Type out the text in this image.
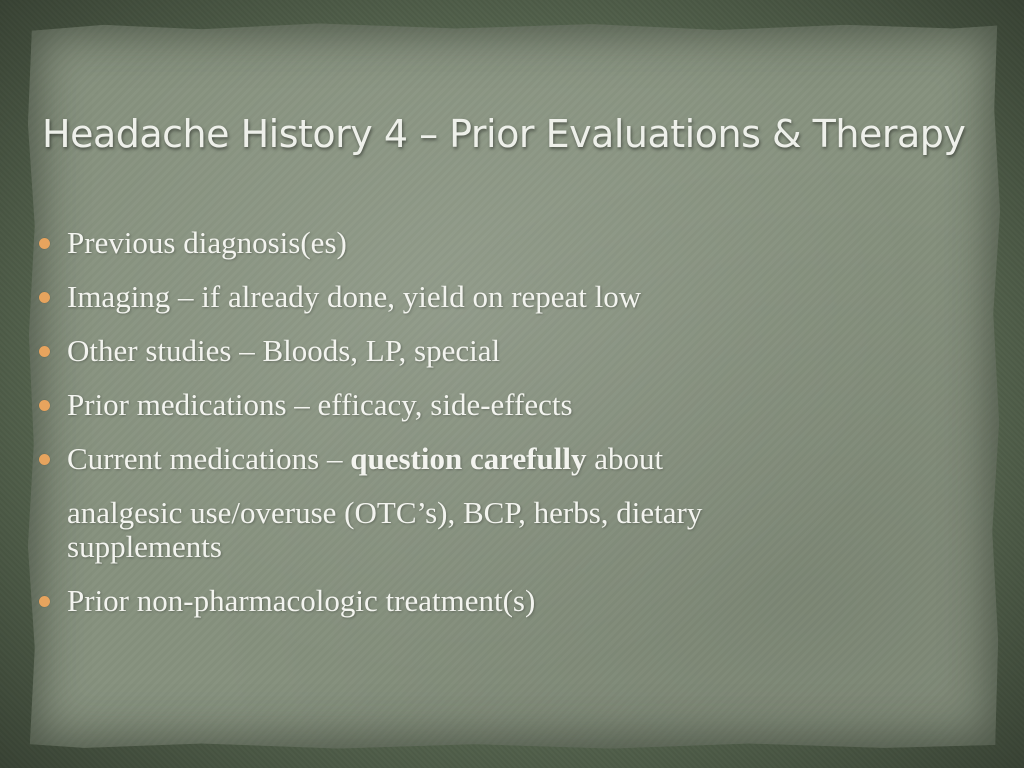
Headache History 4 – Prior Evaluations & Therapy
Previous diagnosis(es)
Imaging – if already done, yield on repeat low
Other studies – Bloods, LP, special
Prior medications – efficacy, side-effects
Current medications – question carefully about
analgesic use/overuse (OTC’s), BCP, herbs, dietary
supplements
Prior non-pharmacologic treatment(s)
